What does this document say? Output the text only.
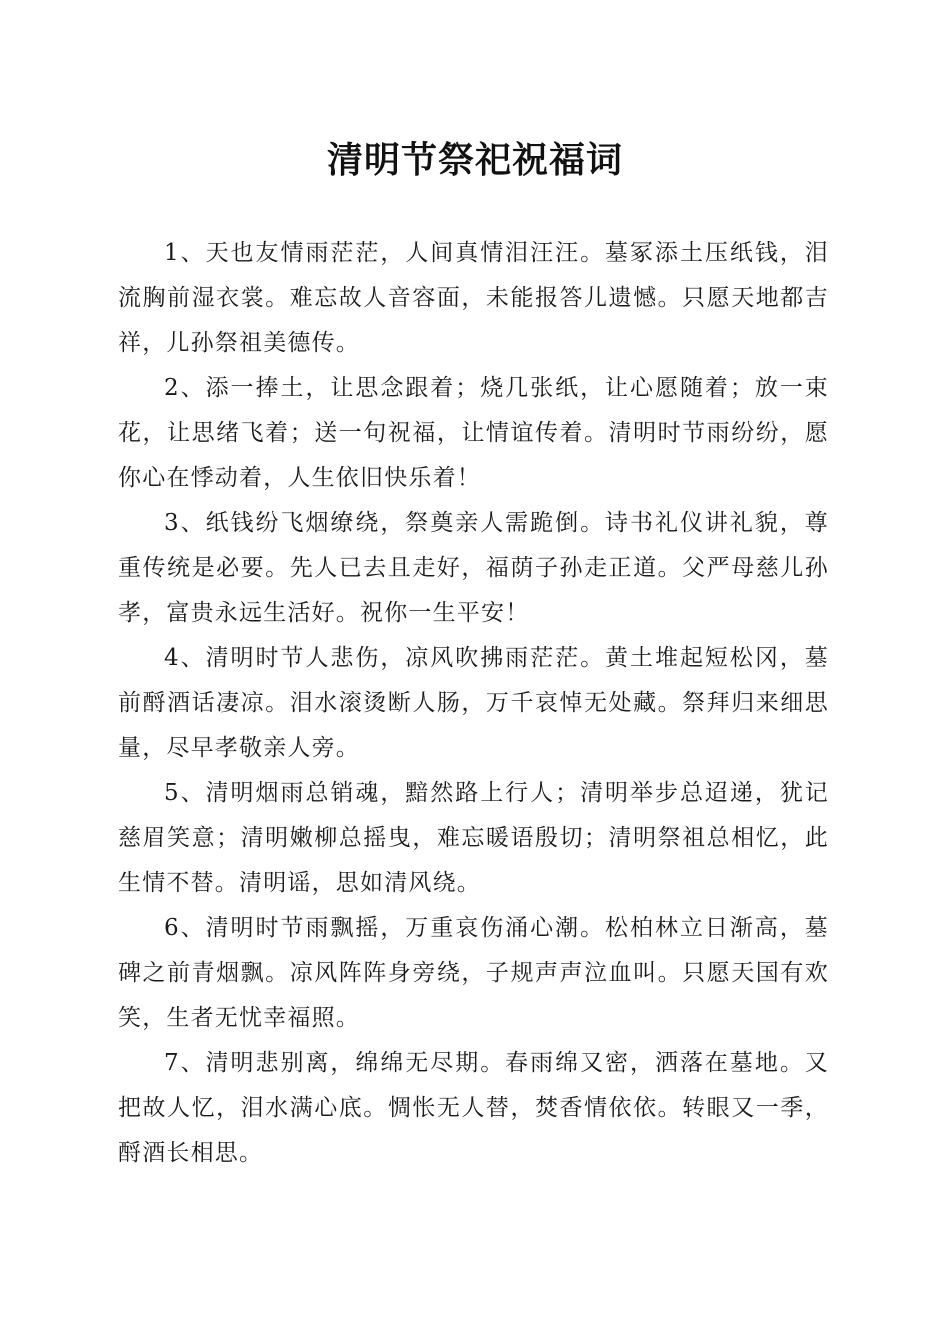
清明节祭祀祝福词

1、天也友情雨茫茫，人间真情泪汪汪。墓冢添土压纸钱，泪流胸前湿衣裳。难忘故人音容面，未能报答儿遗憾。只愿天地都吉祥，儿孙祭祖美德传。

2、添一捧土，让思念跟着；烧几张纸，让心愿随着；放一束花，让思绪飞着；送一句祝福，让情谊传着。清明时节雨纷纷，愿你心在悸动着，人生依旧快乐着！

3、纸钱纷飞烟缭绕，祭奠亲人需跪倒。诗书礼仪讲礼貌，尊重传统是必要。先人已去且走好，福荫子孙走正道。父严母慈儿孙孝，富贵永远生活好。祝你一生平安！

4、清明时节人悲伤，凉风吹拂雨茫茫。黄土堆起短松冈，墓前酹酒话凄凉。泪水滚烫断人肠，万千哀悼无处藏。祭拜归来细思量，尽早孝敬亲人旁。

5、清明烟雨总销魂，黯然路上行人；清明举步总迢递，犹记慈眉笑意；清明嫩柳总摇曳，难忘暖语殷切；清明祭祖总相忆，此生情不替。清明谣，思如清风绕。

6、清明时节雨飘摇，万重哀伤涌心潮。松柏林立日渐高，墓碑之前青烟飘。凉风阵阵身旁绕，子规声声泣血叫。只愿天国有欢笑，生者无忧幸福照。

7、清明悲别离，绵绵无尽期。春雨绵又密，洒落在墓地。又把故人忆，泪水满心底。惆怅无人替，焚香情依依。转眼又一季，酹酒长相思。
